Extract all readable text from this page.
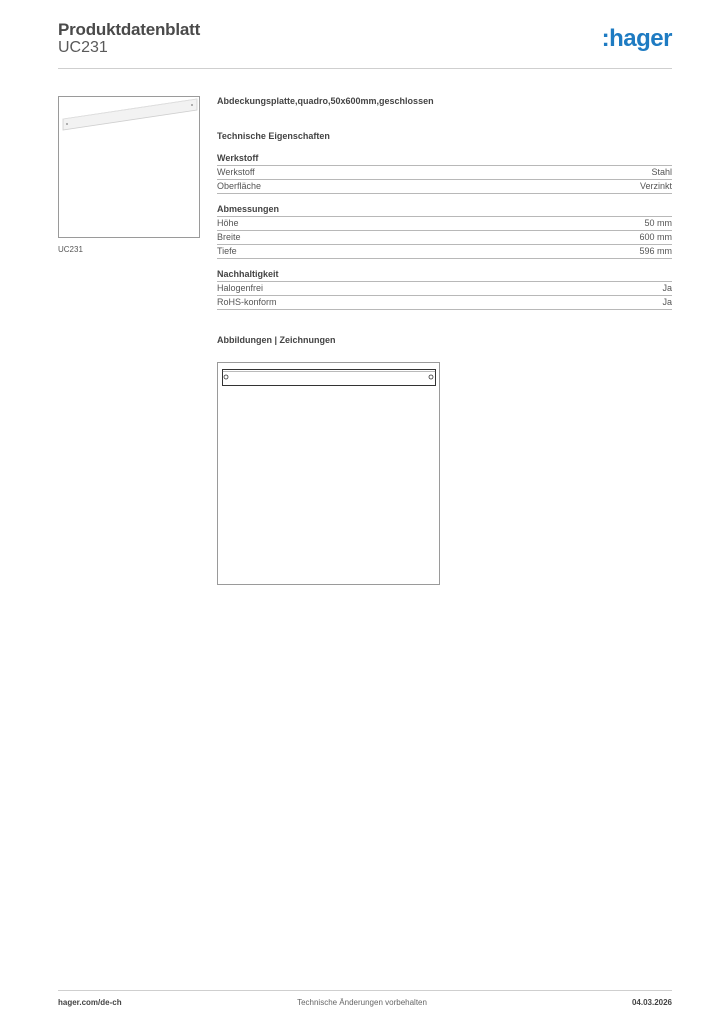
Produktdatenblatt
UC231	:hager
UC231
Abdeckungsplatte,quadro,50x600mm,geschlossen
Technische Eigenschaften
Werkstoff
Werkstoff	Stahl
Oberfläche	Verzinkt
Abmessungen
Höhe	50 mm
Breite	600 mm
Tiefe	596 mm
Nachhaltigkeit
Halogenfrei	Ja
RoHS-konform	Ja
Abbildungen | Zeichnungen
hager.com/de-ch	Technische Änderungen vorbehalten	04.03.2026
